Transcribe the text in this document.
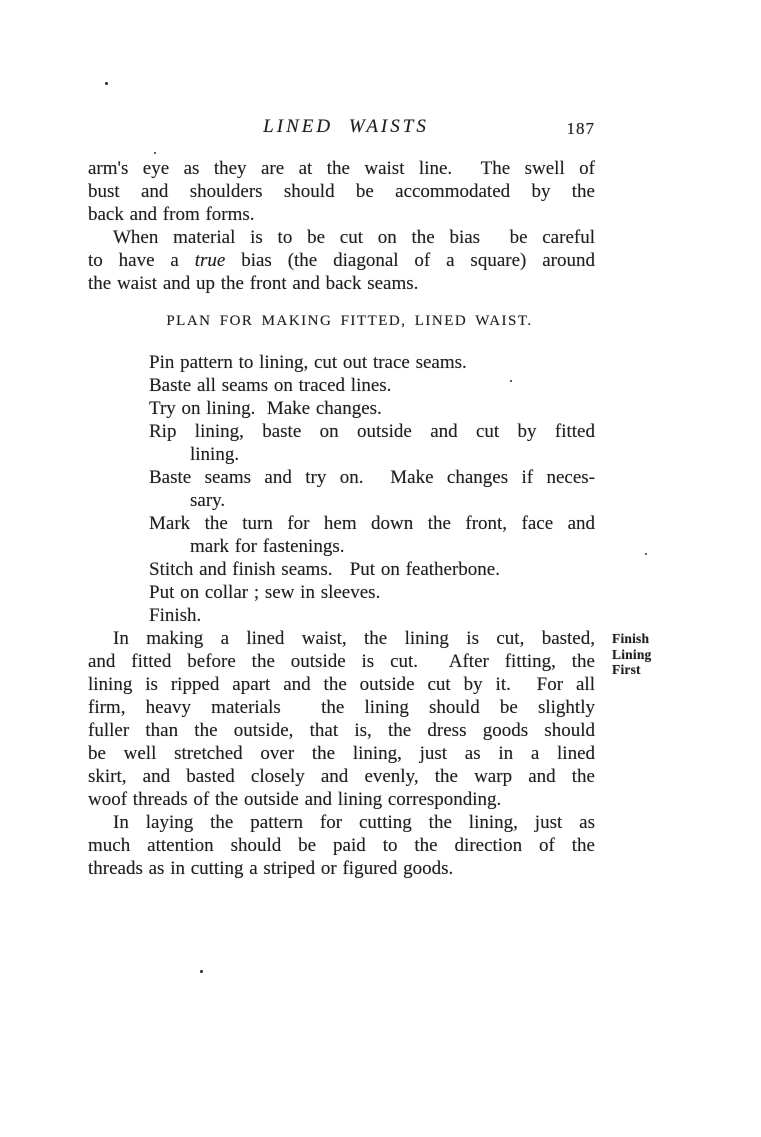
LINED WAISTS	187
arm's eye as they are at the waist line.  The swell of
bust and shoulders should be accommodated by the
back and from forms.
When material is to be cut on the bias  be careful
to have a true bias (the diagonal of a square) around
the waist and up the front and back seams.
PLAN FOR MAKING FITTED, LINED WAIST.
Pin pattern to lining, cut out trace seams.
Baste all seams on traced lines.
Try on lining.  Make changes.
Rip lining, baste on outside and cut by fitted
lining.
Baste seams and try on.  Make changes if neces-
sary.
Mark the turn for hem down the front, face and
mark for fastenings.
Stitch and finish seams.   Put on featherbone.
Put on collar ; sew in sleeves.
Finish.
In making a lined waist, the lining is cut, basted,
and fitted before the outside is cut.  After fitting, the
lining is ripped apart and the outside cut by it.  For all
firm, heavy materials  the lining should be slightly
fuller than the outside, that is, the dress goods should
be well stretched over the lining, just as in a lined
skirt, and basted closely and evenly, the warp and the
woof threads of the outside and lining corresponding.
In laying the pattern for cutting the lining, just as
much attention should be paid to the direction of the
threads as in cutting a striped or figured goods.
Finish
Lining
First
